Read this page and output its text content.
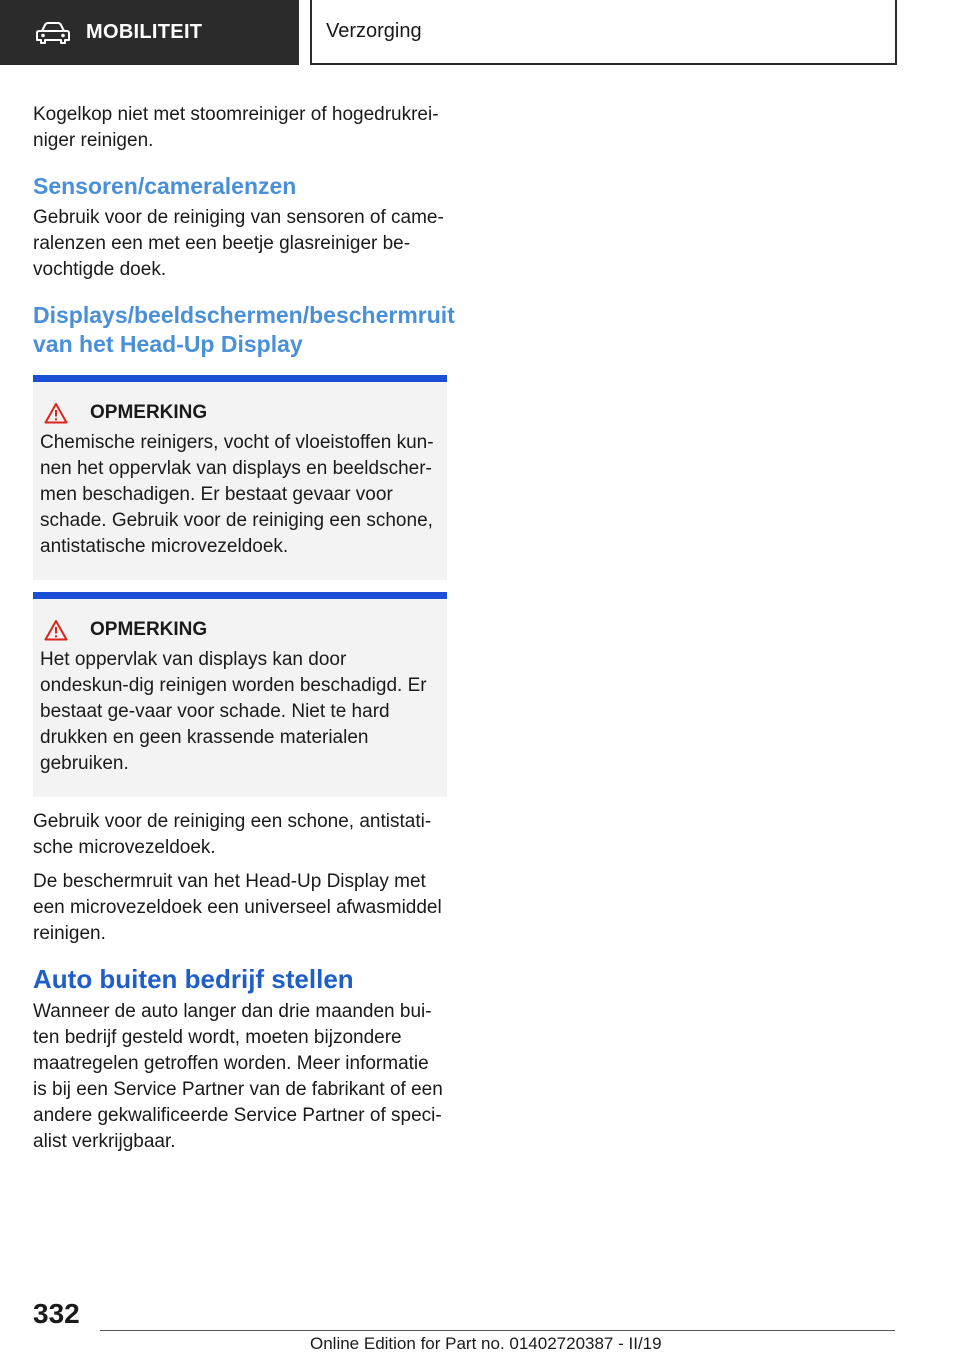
MOBILITEIT	Verzorging

Kogelkop niet met stoomreiniger of hogedrukrei-niger reinigen.

Sensoren/cameralenzen

Gebruik voor de reiniging van sensoren of came-ralenzen een met een beetje glasreiniger be-vochtigde doek.

Displays/beeldschermen/beschermruit van het Head-Up Display
OPMERKING

Chemische reinigers, vocht of vloeistoffen kun-nen het oppervlak van displays en beeldscher-men beschadigen. Er bestaat gevaar voor schade. Gebruik voor de reiniging een schone, antistatische microvezeldoek.

OPMERKING

Het oppervlak van displays kan door ondeskun-dig reinigen worden beschadigd. Er bestaat ge-vaar voor schade. Niet te hard drukken en geen krassende materialen gebruiken.

Gebruik voor de reiniging een schone, antistati-sche microvezeldoek.

De beschermruit van het Head-Up Display met een microvezeldoek een universeel afwasmiddel reinigen.

Auto buiten bedrijf stellen

Wanneer de auto langer dan drie maanden bui-ten bedrijf gesteld wordt, moeten bijzondere maatregelen getroffen worden. Meer informatie is bij een Service Partner van de fabrikant of een andere gekwalificeerde Service Partner of speci-alist verkrijgbaar.

332
Online Edition for Part no. 01402720387 - II/19
